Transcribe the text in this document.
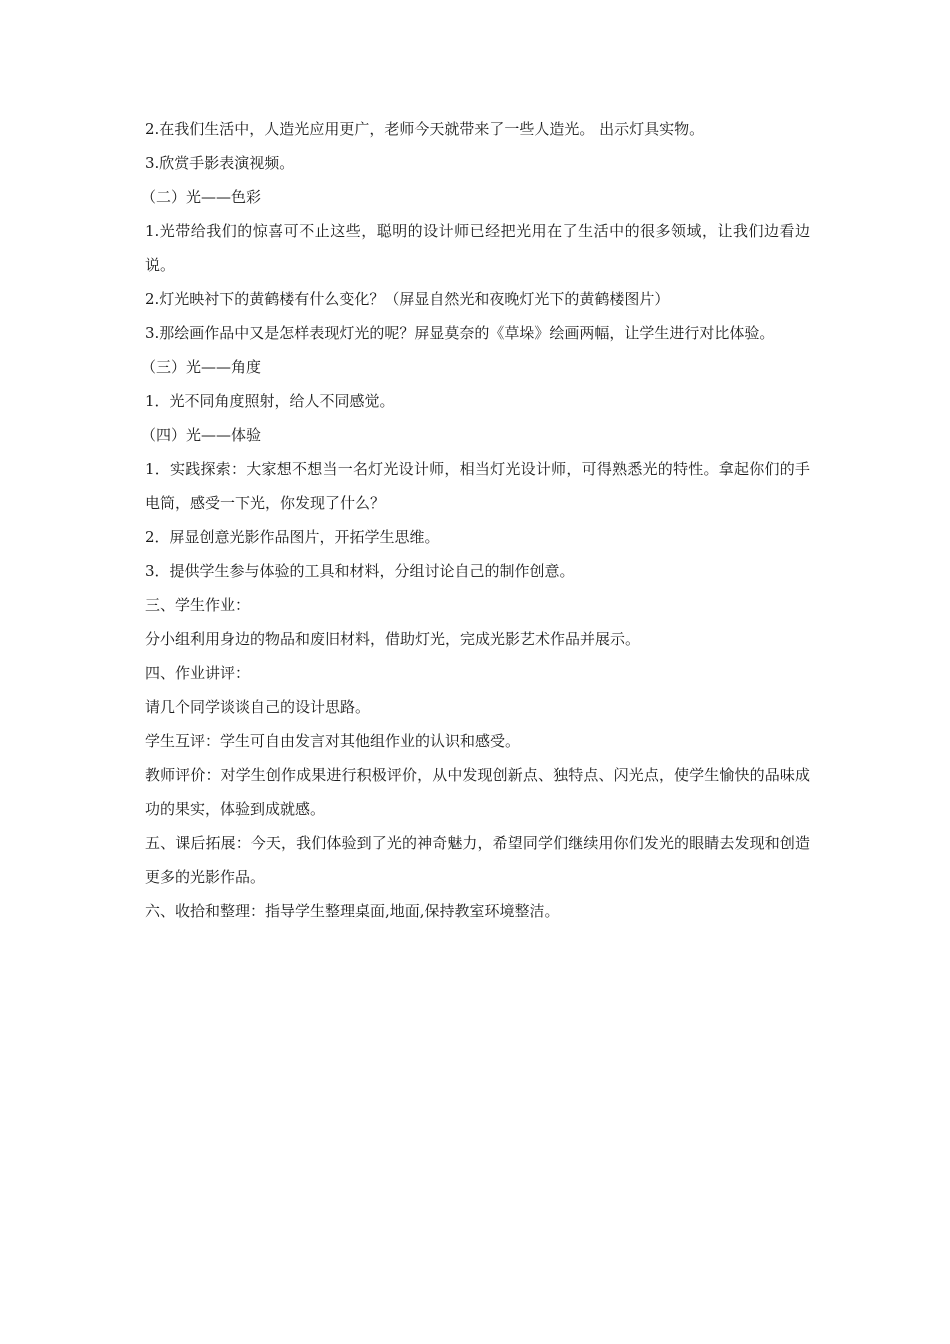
2.在我们生活中，人造光应用更广，老师今天就带来了一些人造光。 出示灯具实物。

3.欣赏手影表演视频。

（二）光——色彩

1.光带给我们的惊喜可不止这些，聪明的设计师已经把光用在了生活中的很多领域，让我们边看边说。

2.灯光映衬下的黄鹤楼有什么变化？（屏显自然光和夜晚灯光下的黄鹤楼图片）

3.那绘画作品中又是怎样表现灯光的呢？屏显莫奈的《草垛》绘画两幅，让学生进行对比体验。

（三）光——角度

1．光不同角度照射，给人不同感觉。

（四）光——体验

1．实践探索：大家想不想当一名灯光设计师，相当灯光设计师，可得熟悉光的特性。拿起你们的手电筒，感受一下光，你发现了什么？

2．屏显创意光影作品图片，开拓学生思维。

3．提供学生参与体验的工具和材料，分组讨论自己的制作创意。

三、学生作业：

分小组利用身边的物品和废旧材料，借助灯光，完成光影艺术作品并展示。

四、作业讲评：

请几个同学谈谈自己的设计思路。

学生互评：学生可自由发言对其他组作业的认识和感受。

教师评价：对学生创作成果进行积极评价，从中发现创新点、独特点、闪光点，使学生愉快的品味成功的果实，体验到成就感。

五、课后拓展：今天，我们体验到了光的神奇魅力，希望同学们继续用你们发光的眼睛去发现和创造更多的光影作品。

六、收拾和整理：指导学生整理桌面,地面,保持教室环境整洁。
